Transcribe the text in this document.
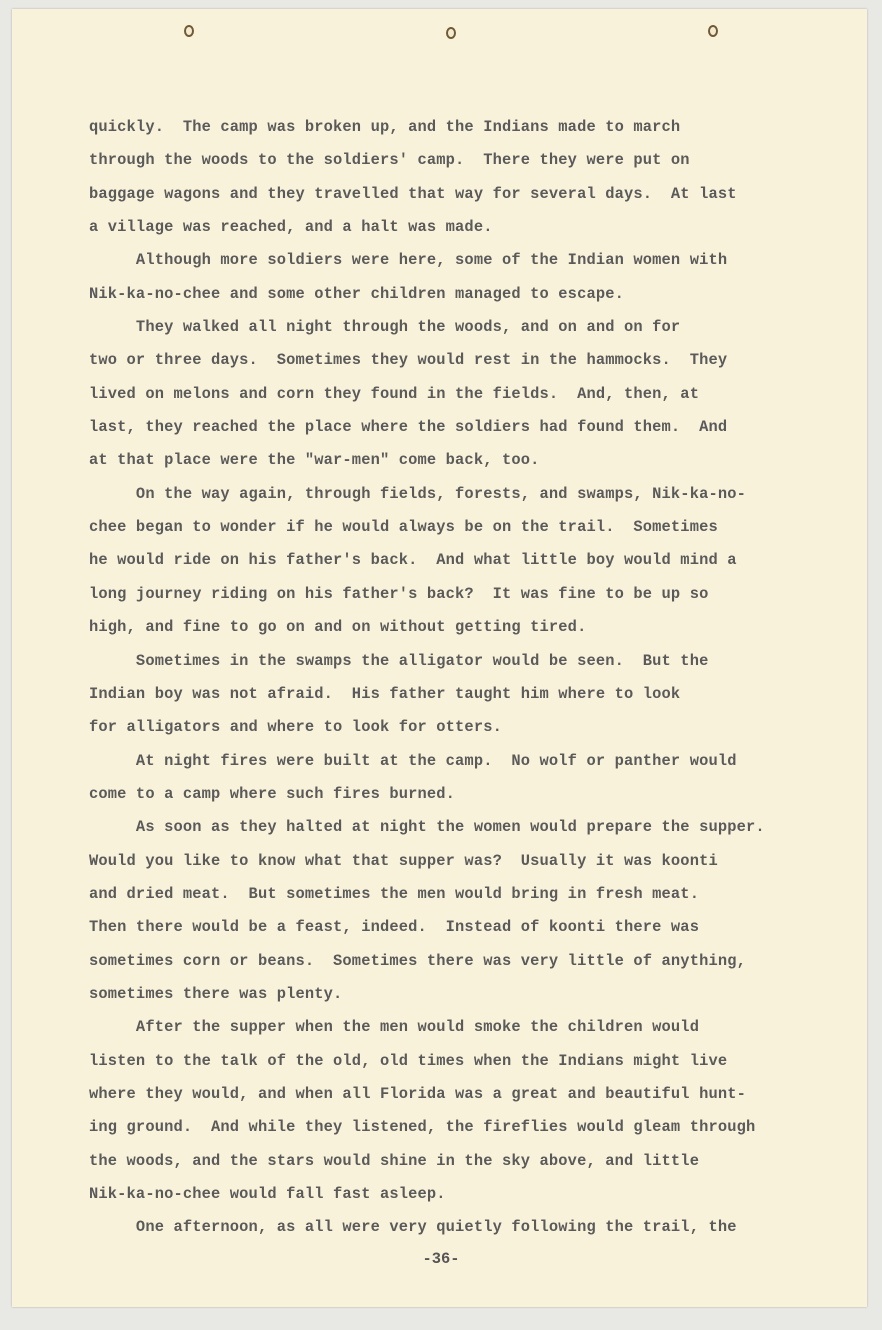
quickly.  The camp was broken up, and the Indians made to march
through the woods to the soldiers' camp.  There they were put on
baggage wagons and they travelled that way for several days.  At last
a village was reached, and a halt was made.
Although more soldiers were here, some of the Indian women with
Nik-ka-no-chee and some other children managed to escape.
They walked all night through the woods, and on and on for
two or three days.  Sometimes they would rest in the hammocks.  They
lived on melons and corn they found in the fields.  And, then, at
last, they reached the place where the soldiers had found them.  And
at that place were the "war-men" come back, too.
On the way again, through fields, forests, and swamps, Nik-ka-no-
chee began to wonder if he would always be on the trail.  Sometimes
he would ride on his father's back.  And what little boy would mind a
long journey riding on his father's back?  It was fine to be up so
high, and fine to go on and on without getting tired.
Sometimes in the swamps the alligator would be seen.  But the
Indian boy was not afraid.  His father taught him where to look
for alligators and where to look for otters.
At night fires were built at the camp.  No wolf or panther would
come to a camp where such fires burned.
As soon as they halted at night the women would prepare the supper.
Would you like to know what that supper was?  Usually it was koonti
and dried meat.  But sometimes the men would bring in fresh meat.
Then there would be a feast, indeed.  Instead of koonti there was
sometimes corn or beans.  Sometimes there was very little of anything,
sometimes there was plenty.
After the supper when the men would smoke the children would
listen to the talk of the old, old times when the Indians might live
where they would, and when all Florida was a great and beautiful hunt-
ing ground.  And while they listened, the fireflies would gleam through
the woods, and the stars would shine in the sky above, and little
Nik-ka-no-chee would fall fast asleep.
One afternoon, as all were very quietly following the trail, the
-36-
